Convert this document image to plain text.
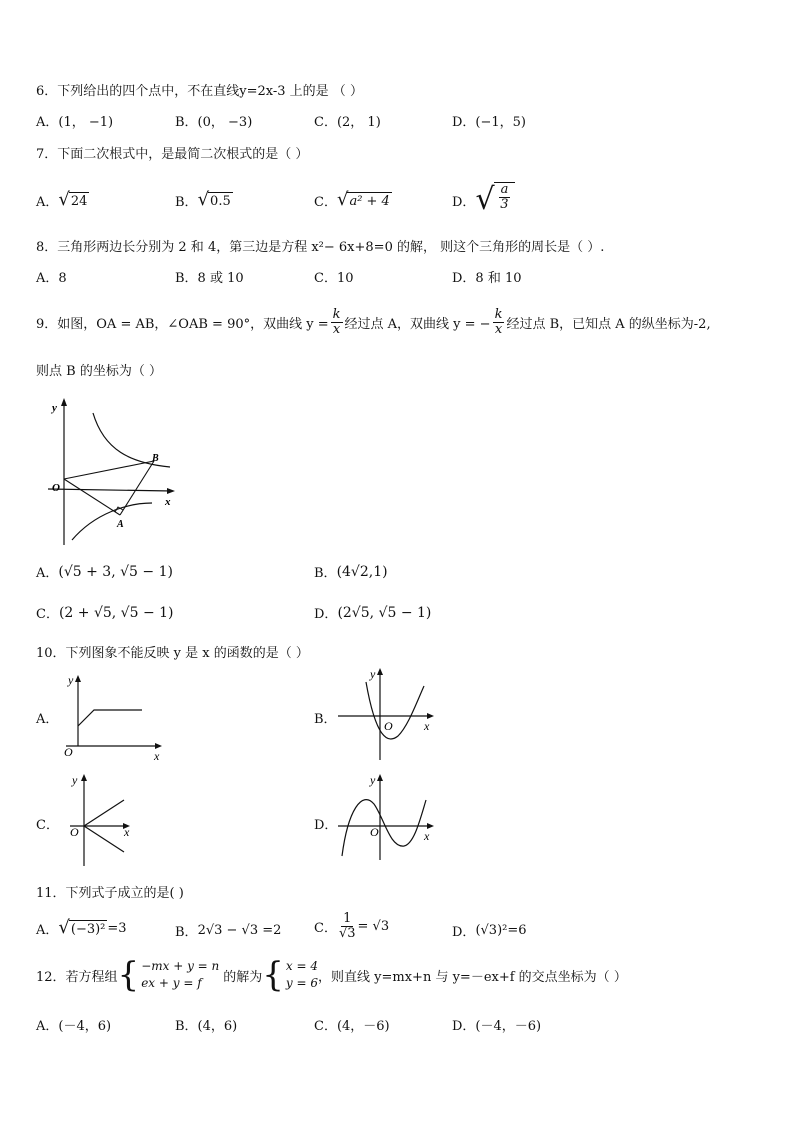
6．下列给出的四个点中，不在直线y=2x-3 上的是 （ ）
A．(1， −1)	B．(0， −3)	C．(2， 1)	D．(−1，5)
7．下面二次根式中，是最简二次根式的是（ ）
A． √ 24	B． √ 0.5	C． √ a² + 4	D． √ $\frac{a}{3}$
8．三角形两边长分别为 2 和 4，第三边是方程 x²− 6x+8=0 的解， 则这个三角形的周长是（ ）.
A．8	B．8 或 10	C．10	D．8 和 10
9．如图，OA = AB，∠OAB = 90°，双曲线 $y = \frac{k}{x}$ 经过点 A，双曲线 y = − $\frac{k}{x}$ 经过点 B，已知点 A 的纵坐标为-2,
则点 B 的坐标为（ ）
y
x
O
A
B
A． (√5 + 3, √5 − 1)	B． (4√2,1)
C． (2 + √5, √5 − 1)	D． (2√5, √5 − 1)
10．下列图象不能反映 y 是 x 的函数的是（ ）
A．
y
x
O
B．
y
x
O
C．
y
x
O	D．
y
x
O
11．下列式子成立的是( )
A． √ (−3)² =3	B． 2√3 − √3 =2	C． $\frac{1}{√3} = √3$	D． (√3)²=6
12．若方程组 { −mx + y = n
ex + y = f	的解为 { x = 4
y = 6 ，则直线 y=mx+n 与 y=－ex+f 的交点坐标为（ ）
A．(－4，6)	B．(4，6)	C．(4，－6)	D．(－4，－6)
